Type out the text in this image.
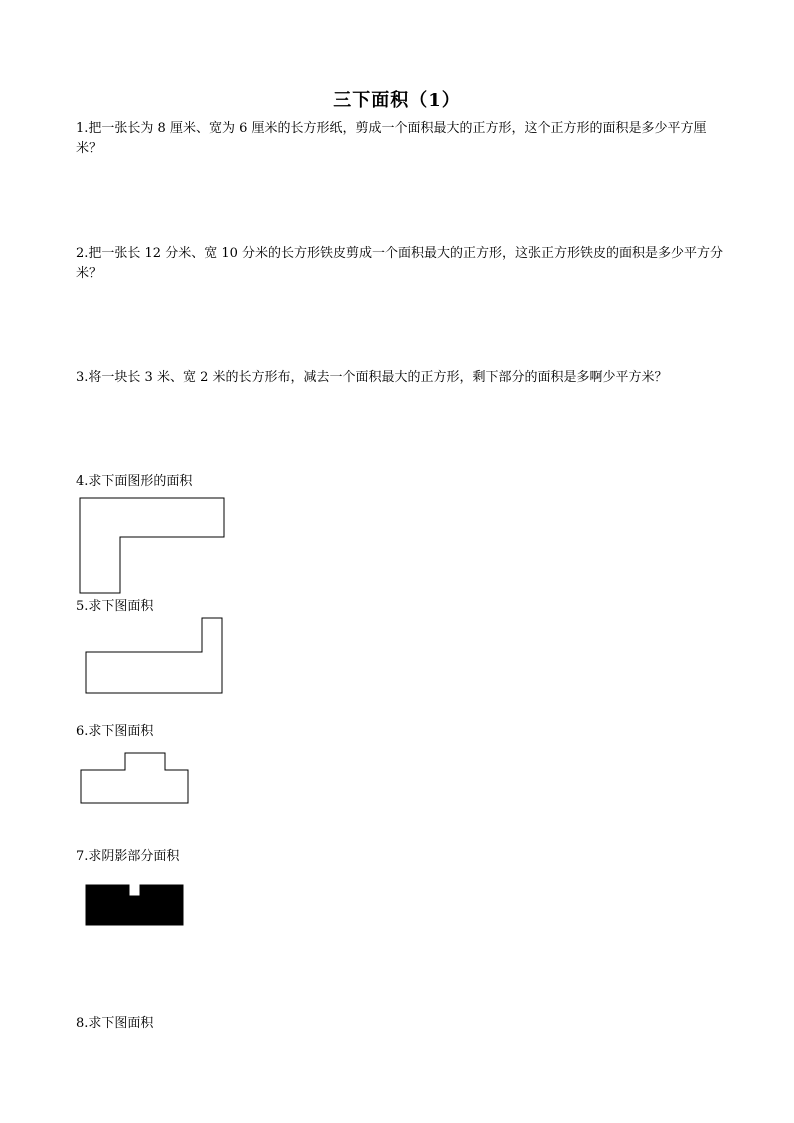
三下面积（1）
1.把一张长为 8 厘米、宽为 6 厘米的长方形纸，剪成一个面积最大的正方形，这个正方形的面积是多少平方厘米？
2.把一张长 12 分米、宽 10 分米的长方形铁皮剪成一个面积最大的正方形，这张正方形铁皮的面积是多少平方分米？
3.将一块长 3 米、宽 2 米的长方形布，减去一个面积最大的正方形，剩下部分的面积是多啊少平方米？
4.求下面图形的面积
5.求下图面积
6.求下图面积
7.求阴影部分面积
8.求下图面积
